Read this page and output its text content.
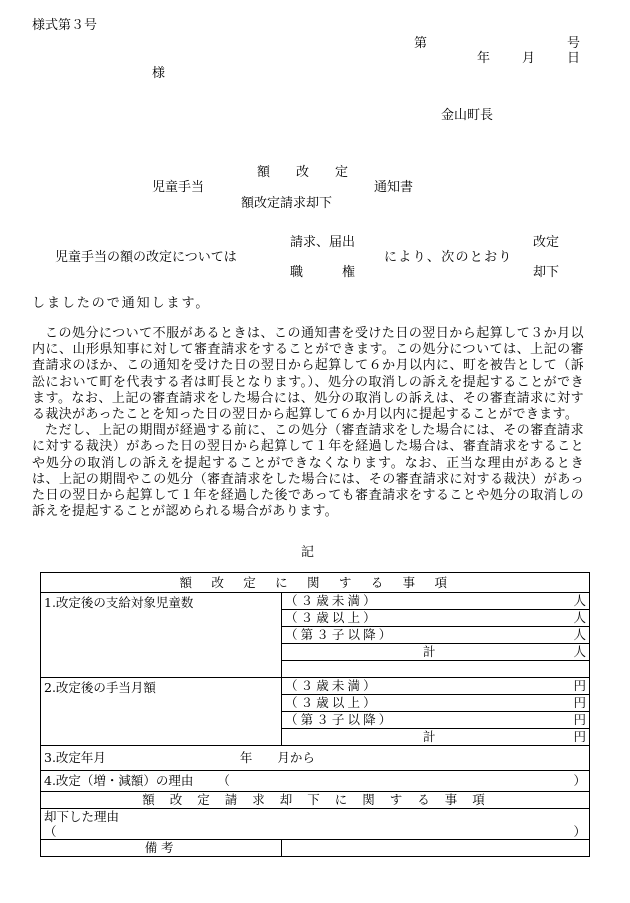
様式第３号
第	号
年 月 日
様
金山町長
額　改　定
児童手当	通知書
額改定請求却下
請求、届出	改定
児童手当の額の改定については	により、次のとおり
職　　　権	却下
しましたので通知します。

この処分について不服があるときは、この通知書を受けた日の翌日から起算して３か月以内に、山形県知事に対して審査請求をすることができます。この処分については、上記の審査請求のほか、この通知を受けた日の翌日から起算して６か月以内に、町を被告として（訴訟において町を代表する者は町長となります。）、処分の取消しの訴えを提起することができます。なお、上記の審査請求をした場合には、処分の取消しの訴えは、その審査請求に対する裁決があったことを知った日の翌日から起算して６か月以内に提起することができます。

ただし、上記の期間が経過する前に、この処分（審査請求をした場合には、その審査請求に対する裁決）があった日の翌日から起算して１年を経過した場合は、審査請求をすることや処分の取消しの訴えを提起することができなくなります。なお、正当な理由があるときは、上記の期間やこの処分（審査請求をした場合には、その審査請求に対する裁決）があった日の翌日から起算して１年を経過した後であっても審査請求をすることや処分の取消しの訴えを提起することが認められる場合があります。

記
額改定に関する事項	
1.改定後の支給対象児童数	（３歳未満） 人

	（３歳以上） 人

	（第３子以降） 人

	計 人

2.改定後の手当月額	（３歳未満） 円

	（３歳以上） 円

	（第３子以降） 円

	計 円

3.改定年月 年　　月から	
4.改定（増・減額）の理由 （ ）	

額改定請求却下に関する事項	

却下した理由
（ ）	

備考	
